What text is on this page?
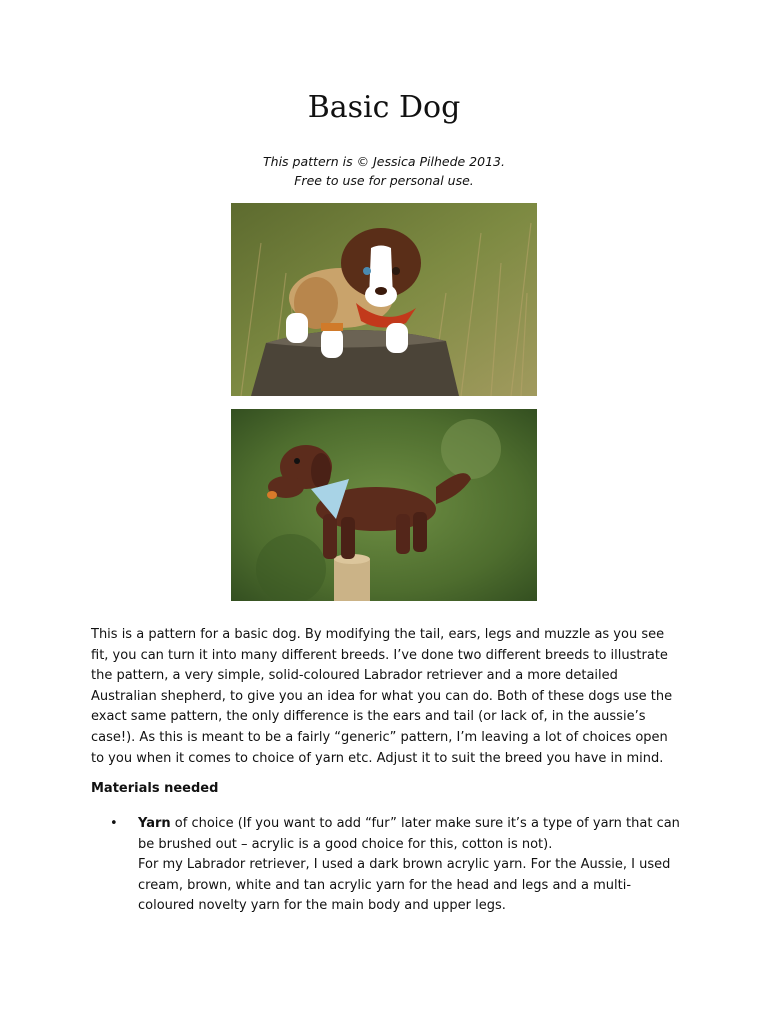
Basic Dog
This pattern is © Jessica Pilhede 2013.
Free to use for personal use.
This is a pattern for a basic dog. By modifying the tail, ears, legs and muzzle as you see fit, you can turn it into many different breeds. I’ve done two different breeds to illustrate the pattern, a very simple, solid-coloured Labrador retriever and a more detailed Australian shepherd, to give you an idea for what you can do. Both of these dogs use the exact same pattern, the only difference is the ears and tail (or lack of, in the aussie’s case!). As this is meant to be a fairly “generic” pattern, I’m leaving a lot of choices open to you when it comes to choice of yarn etc. Adjust it to suit the breed you have in mind.
Materials needed
• Yarn of choice (If you want to add “fur” later make sure it’s a type of yarn that can be brushed out – acrylic is a good choice for this, cotton is not).
For my Labrador retriever, I used a dark brown acrylic yarn. For the Aussie, I used cream, brown, white and tan acrylic yarn for the head and legs and a multi-coloured novelty yarn for the main body and upper legs.
